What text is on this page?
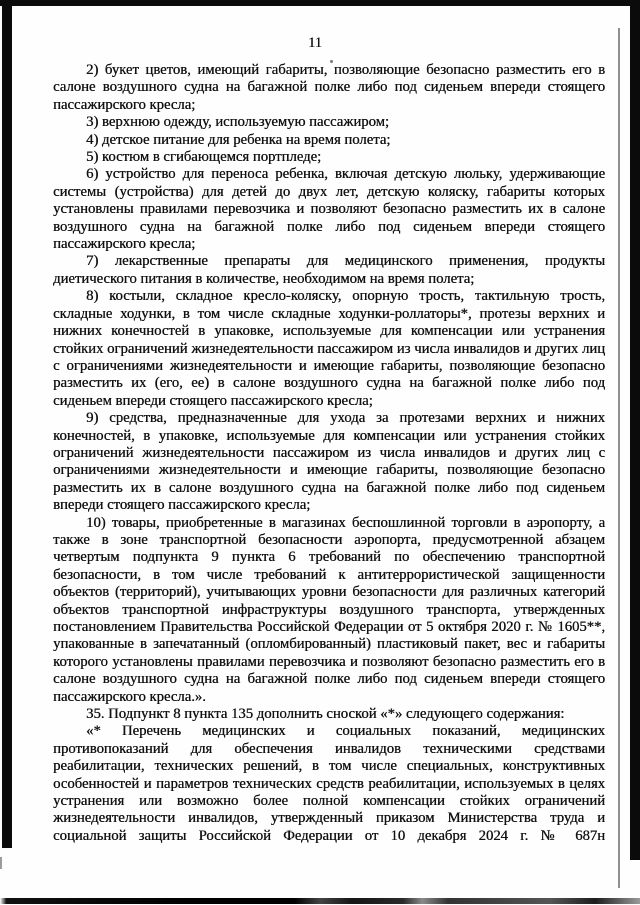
11

2) букет цветов, имеющий габариты, позволяющие безопасно разместить его в салоне воздушного судна на багажной полке либо под сиденьем впереди стоящего пассажирского кресла;

3) верхнюю одежду, используемую пассажиром;

4) детское питание для ребенка на время полета;

5) костюм в сгибающемся портпледе;

6) устройство для переноса ребенка, включая детскую люльку, удерживающие системы (устройства) для детей до двух лет, детскую коляску, габариты которых установлены правилами перевозчика и позволяют безопасно разместить их в салоне воздушного судна на багажной полке либо под сиденьем впереди стоящего пассажирского кресла;

7) лекарственные препараты для медицинского применения, продукты диетического питания в количестве, необходимом на время полета;

8) костыли, складное кресло-коляску, опорную трость, тактильную трость, складные ходунки, в том числе складные ходунки-роллаторы*, протезы верхних и нижних конечностей в упаковке, используемые для компенсации или устранения стойких ограничений жизнедеятельности пассажиром из числа инвалидов и других лиц с ограничениями жизнедеятельности и имеющие габариты, позволяющие безопасно разместить их (его, ее) в салоне воздушного судна на багажной полке либо под сиденьем впереди стоящего пассажирского кресла;

9) средства, предназначенные для ухода за протезами верхних и нижних конечностей, в упаковке, используемые для компенсации или устранения стойких ограничений жизнедеятельности пассажиром из числа инвалидов и других лиц с ограничениями жизнедеятельности и имеющие габариты, позволяющие безопасно разместить их в салоне воздушного судна на багажной полке либо под сиденьем впереди стоящего пассажирского кресла;

10) товары, приобретенные в магазинах беспошлинной торговли в аэропорту, а также в зоне транспортной безопасности аэропорта, предусмотренной абзацем четвертым подпункта 9 пункта 6 требований по обеспечению транспортной безопасности, в том числе требований к антитеррористической защищенности объектов (территорий), учитывающих уровни безопасности для различных категорий объектов транспортной инфраструктуры воздушного транспорта, утвержденных постановлением Правительства Российской Федерации от 5 октября 2020 г. № 1605**, упакованные в запечатанный (опломбированный) пластиковый пакет, вес и габариты которого установлены правилами перевозчика и позволяют безопасно разместить его в салоне воздушного судна на багажной полке либо под сиденьем впереди стоящего пассажирского кресла.».

35. Подпункт 8 пункта 135 дополнить сноской «*» следующего содержания:

«* Перечень медицинских и социальных показаний, медицинских противопоказаний для обеспечения инвалидов техническими средствами реабилитации, технических решений, в том числе специальных, конструктивных особенностей и параметров технических средств реабилитации, используемых в целях устранения или возможно более полной компенсации стойких ограничений жизнедеятельности инвалидов, утвержденный приказом Министерства труда и социальной защиты Российской Федерации от 10 декабря 2024 г. № 687н
